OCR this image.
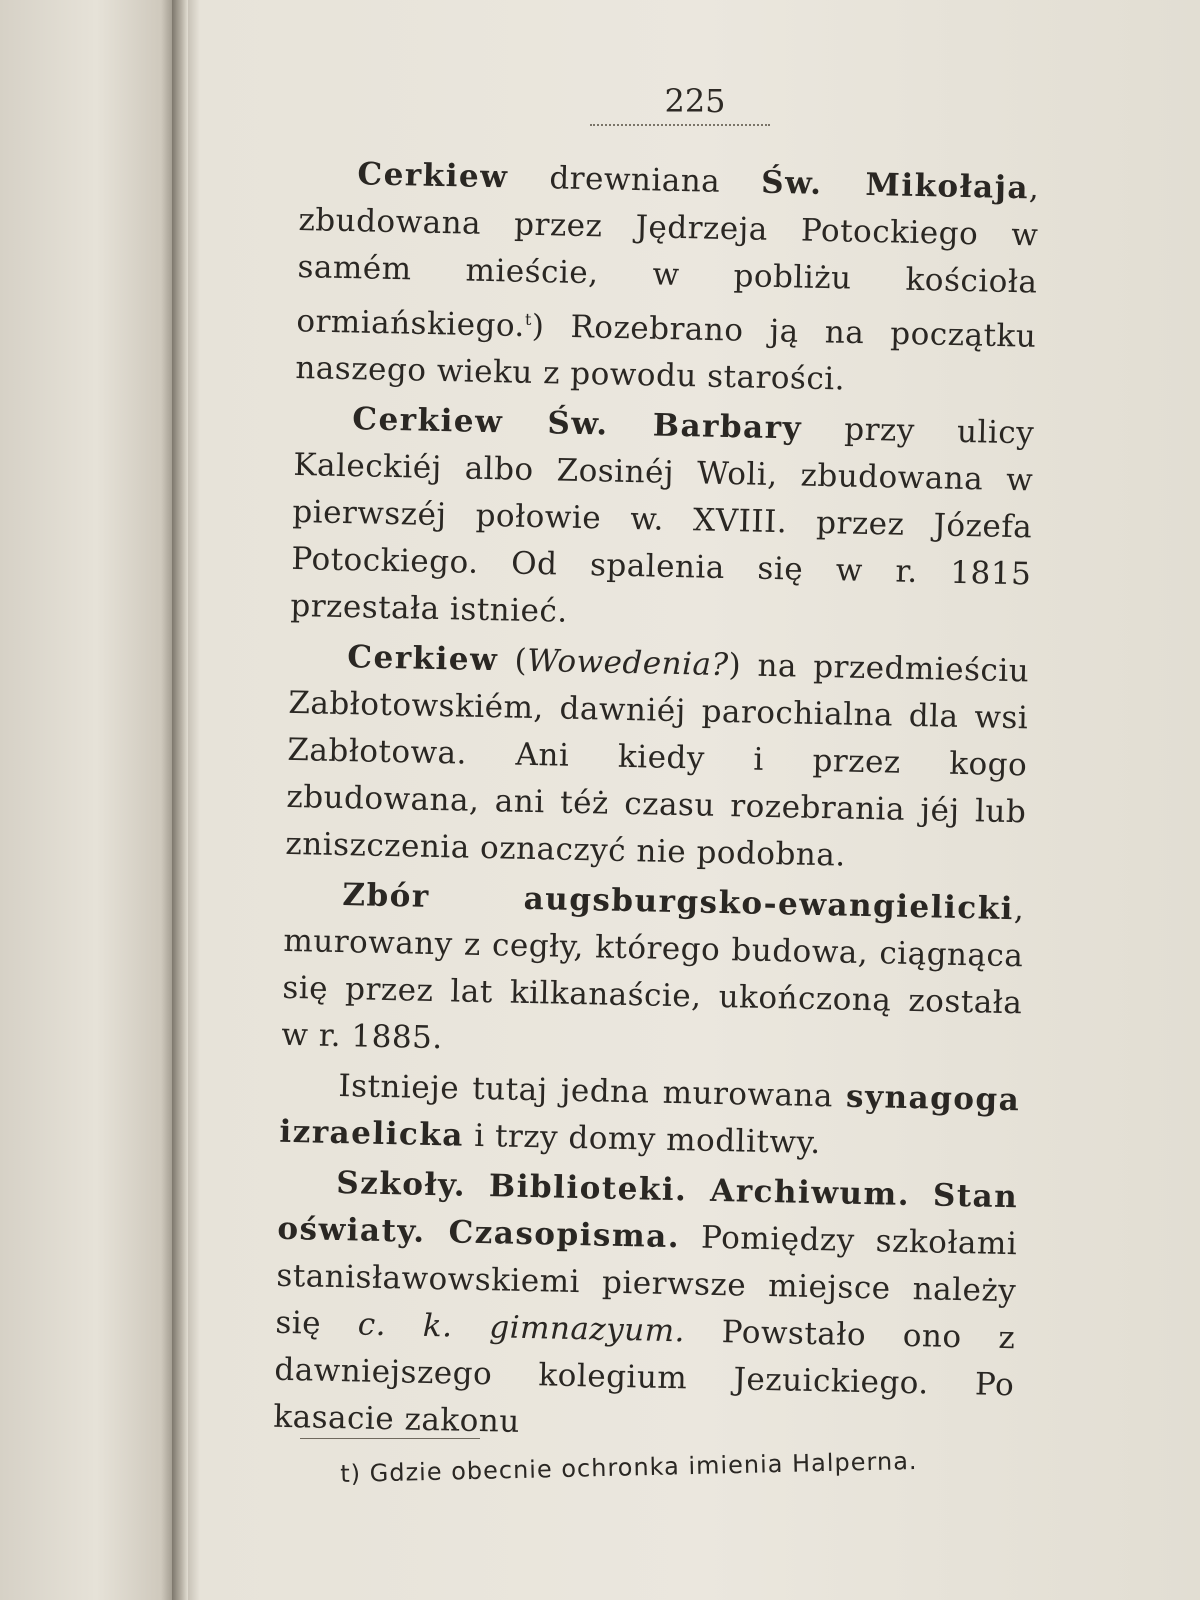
225

Cerkiew drewniana Św. Mikołaja, zbudowana przez Jędrzeja Potockiego w samém mieście, w pobliżu kościoła ormiańskiego.$^t$) Rozebrano ją na początku naszego wieku z powodu starości.

Cerkiew Św. Barbary przy ulicy Kaleckiéj albo Zosinéj Woli, zbudowana w pierwszéj połowie w. XVIII. przez Józefa Potockiego. Od spalenia się w r. 1815 przestała istnieć.

Cerkiew (Wowedenia?) na przedmieściu Zabłotowskiém, dawniéj parochialna dla wsi Zabłotowa. Ani kiedy i przez kogo zbudowana, ani téż czasu rozebrania jéj lub zniszczenia oznaczyć nie podobna.

Zbór augsburgsko-ewangielicki, murowany z cegły, którego budowa, ciągnąca się przez lat kilkanaście, ukończoną została w r. 1885.

Istnieje tutaj jedna murowana synagoga izraelicka i trzy domy modlitwy.

Szkoły. Biblioteki. Archiwum. Stan oświaty. Czasopisma. Pomiędzy szkołami stanisławowskiemi pierwsze miejsce należy się c. k. gimnazyum. Powstało ono z dawniejszego kolegium Jezuickiego. Po kasacie zakonu

t) Gdzie obecnie ochronka imienia Halperna.
